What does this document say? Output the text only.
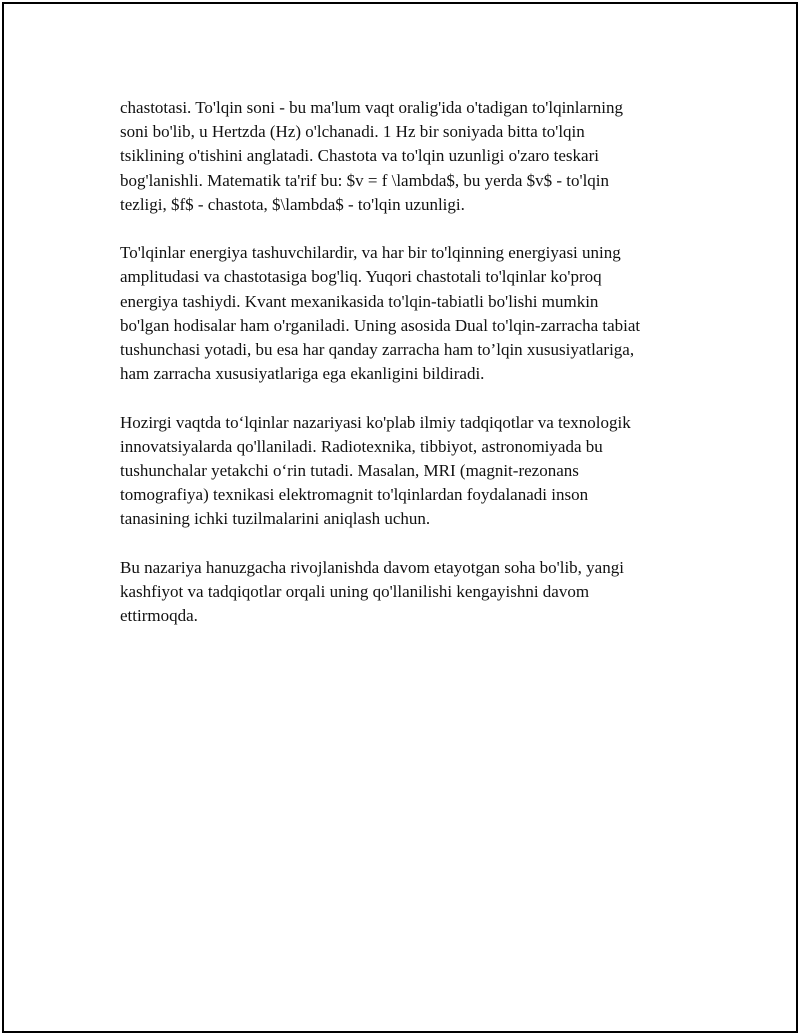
chastotasi. To'lqin soni - bu ma'lum vaqt oralig'ida o'tadigan to'lqinlarning
soni bo'lib, u Hertzda (Hz) o'lchanadi. 1 Hz bir soniyada bitta to'lqin
tsiklining o'tishini anglatadi. Chastota va to'lqin uzunligi o'zaro teskari
bog'lanishli. Matematik ta'rif bu: $v = f \lambda$, bu yerda $v$ - to'lqin
tezligi, $f$ - chastota, $\lambda$ - to'lqin uzunligi.

To'lqinlar energiya tashuvchilardir, va har bir to'lqinning energiyasi uning
amplitudasi va chastotasiga bog'liq. Yuqori chastotali to'lqinlar ko'proq
energiya tashiydi. Kvant mexanikasida to'lqin-tabiatli bo'lishi mumkin
bo'lgan hodisalar ham o'rganiladi. Uning asosida Dual to'lqin-zarracha tabiat
tushunchasi yotadi, bu esa har qanday zarracha ham to’lqin xususiyatlariga,
ham zarracha xususiyatlariga ega ekanligini bildiradi.

Hozirgi vaqtda to‘lqinlar nazariyasi ko'plab ilmiy tadqiqotlar va texnologik
innovatsiyalarda qo'llaniladi. Radiotexnika, tibbiyot, astronomiyada bu
tushunchalar yetakchi o‘rin tutadi. Masalan, MRI (magnit-rezonans
tomografiya) texnikasi elektromagnit to'lqinlardan foydalanadi inson
tanasining ichki tuzilmalarini aniqlash uchun.

Bu nazariya hanuzgacha rivojlanishda davom etayotgan soha bo'lib, yangi
kashfiyot va tadqiqotlar orqali uning qo'llanilishi kengayishni davom
ettirmoqda.
